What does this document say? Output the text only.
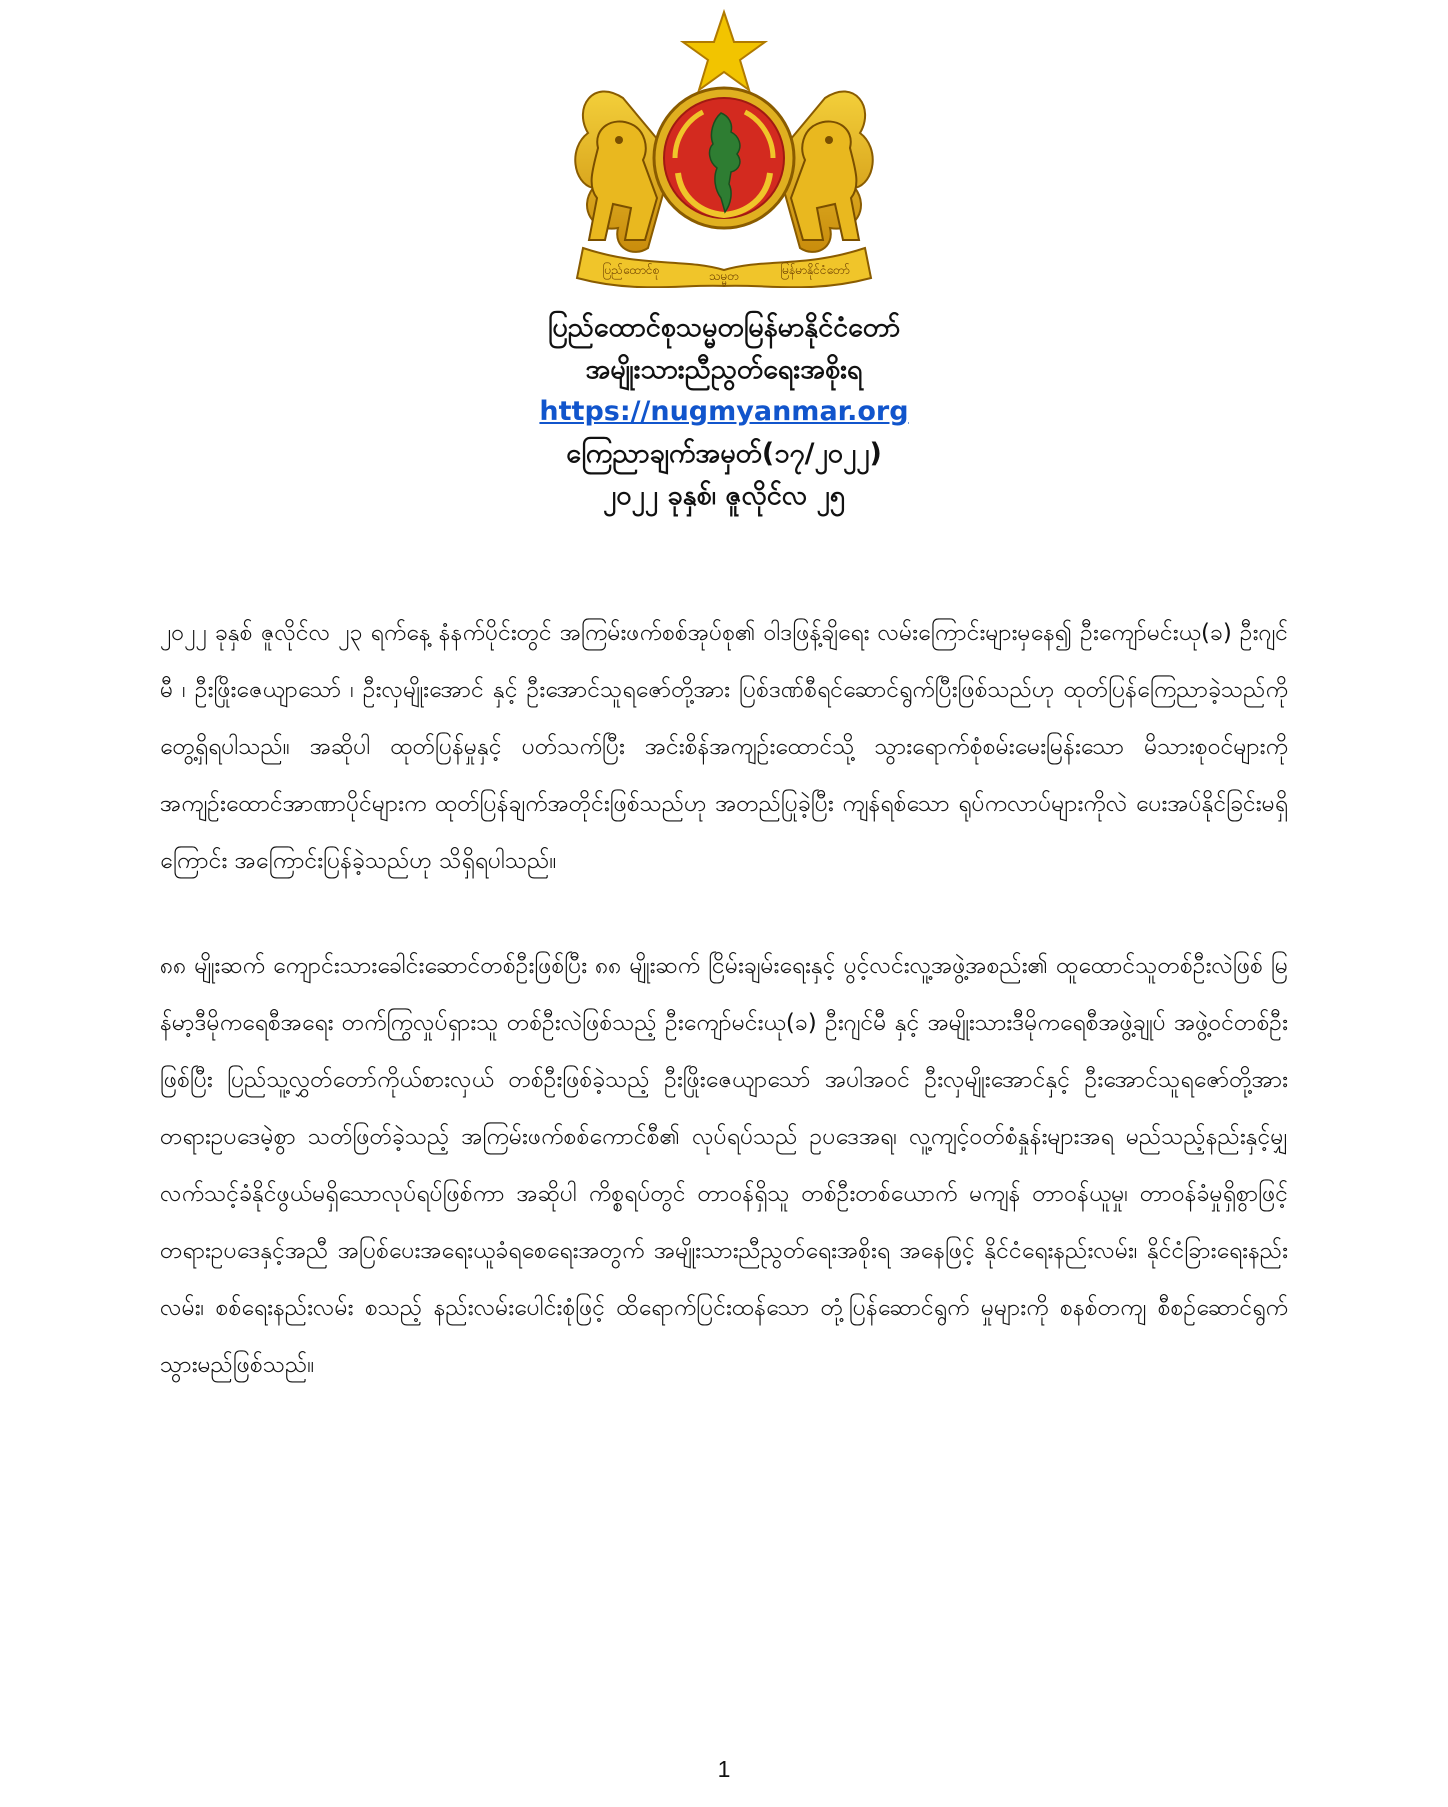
ပြည်ထောင်စု	သမ္မတ	မြန်မာနိုင်ငံတော်
ပြည်ထောင်စုသမ္မတမြန်မာနိုင်ငံတော်
အမျိုးသားညီညွတ်ရေးအစိုးရ
https://nugmyanmar.org
ကြေညာချက်အမှတ်(၁၇/၂၀၂၂)
၂၀၂၂ ခုနှစ်၊ ဇူလိုင်လ ၂၅

၂၀၂၂ ခုနှစ် ဇူလိုင်လ ၂၃ ရက်နေ့ နံနက်ပိုင်းတွင် အကြမ်းဖက်စစ်အုပ်စု၏ ဝါဒဖြန့်ချိရေး လမ်းကြောင်းများမှနေ၍ ဦးကျော်မင်းယု(ခ) ဦးဂျင်မီ ၊ ဦးဖြိုးဇေယျာသော် ၊ ဦးလှမျိုးအောင် နှင့် ဦးအောင်သူရဇော်တို့အား ပြစ်ဒဏ်စီရင်ဆောင်ရွက်ပြီးဖြစ်သည်ဟု ထုတ်ပြန်ကြေညာခဲ့သည်ကို တွေ့ရှိရပါသည်။ အဆိုပါ ထုတ်ပြန်မှုနှင့် ပတ်သက်ပြီး အင်းစိန်အကျဉ်းထောင်သို့ သွားရောက်စုံစမ်းမေးမြန်းသော မိသားစုဝင်များကို အကျဉ်းထောင်အာဏာပိုင်များက ထုတ်ပြန်ချက်အတိုင်းဖြစ်သည်ဟု အတည်ပြုခဲ့ပြီး ကျန်ရစ်သော ရုပ်ကလာပ်များကိုလဲ ပေးအပ်နိုင်ခြင်းမရှိကြောင်း အကြောင်းပြန်ခဲ့သည်ဟု သိရှိရပါသည်။

၈၈ မျိုးဆက် ကျောင်းသားခေါင်းဆောင်တစ်ဦးဖြစ်ပြီး ၈၈ မျိုးဆက် ငြိမ်းချမ်းရေးနှင့် ပွင့်လင်းလူ့အဖွဲ့အစည်း၏ ထူထောင်သူတစ်ဦးလဲဖြစ် မြန်မာ့ဒီမိုကရေစီအရေး တက်ကြွလှုပ်ရှားသူ တစ်ဦးလဲဖြစ်သည့် ဦးကျော်မင်းယု(ခ) ဦးဂျင်မီ နှင့် အမျိုးသားဒီမိုကရေစီအဖွဲ့ချုပ် အဖွဲ့ဝင်တစ်ဦးဖြစ်ပြီး ပြည်သူ့လွှတ်တော်ကိုယ်စားလှယ် တစ်ဦးဖြစ်ခဲ့သည့် ဦးဖြိုးဇေယျာသော် အပါအဝင် ဦးလှမျိုးအောင်နှင့် ဦးအောင်သူရဇော်တို့အား တရားဥပဒေမဲ့စွာ သတ်ဖြတ်ခဲ့သည့် အကြမ်းဖက်စစ်ကောင်စီ၏ လုပ်ရပ်သည် ဥပဒေအရ၊ လူ့ကျင့်ဝတ်စံနှုန်းများအရ မည်သည့်နည်းနှင့်မျှ လက်သင့်ခံနိုင်ဖွယ်မရှိသောလုပ်ရပ်ဖြစ်ကာ အဆိုပါ ကိစ္စရပ်တွင် တာဝန်ရှိသူ တစ်ဦးတစ်ယောက် မကျန် တာဝန်ယူမှု၊ တာဝန်ခံမှုရှိစွာဖြင့် တရားဥပဒေနှင့်အညီ အပြစ်ပေးအရေးယူခံရစေရေးအတွက် အမျိုးသားညီညွတ်ရေးအစိုးရ အနေဖြင့် နိုင်ငံရေးနည်းလမ်း၊ နိုင်ငံခြားရေးနည်းလမ်း၊ စစ်ရေးနည်းလမ်း စသည့် နည်းလမ်းပေါင်းစုံဖြင့် ထိရောက်ပြင်းထန်သော တုံ့ပြန်ဆောင်ရွက် မှုများကို စနစ်တကျ စီစဉ်ဆောင်ရွက် သွားမည်ဖြစ်သည်။

1
